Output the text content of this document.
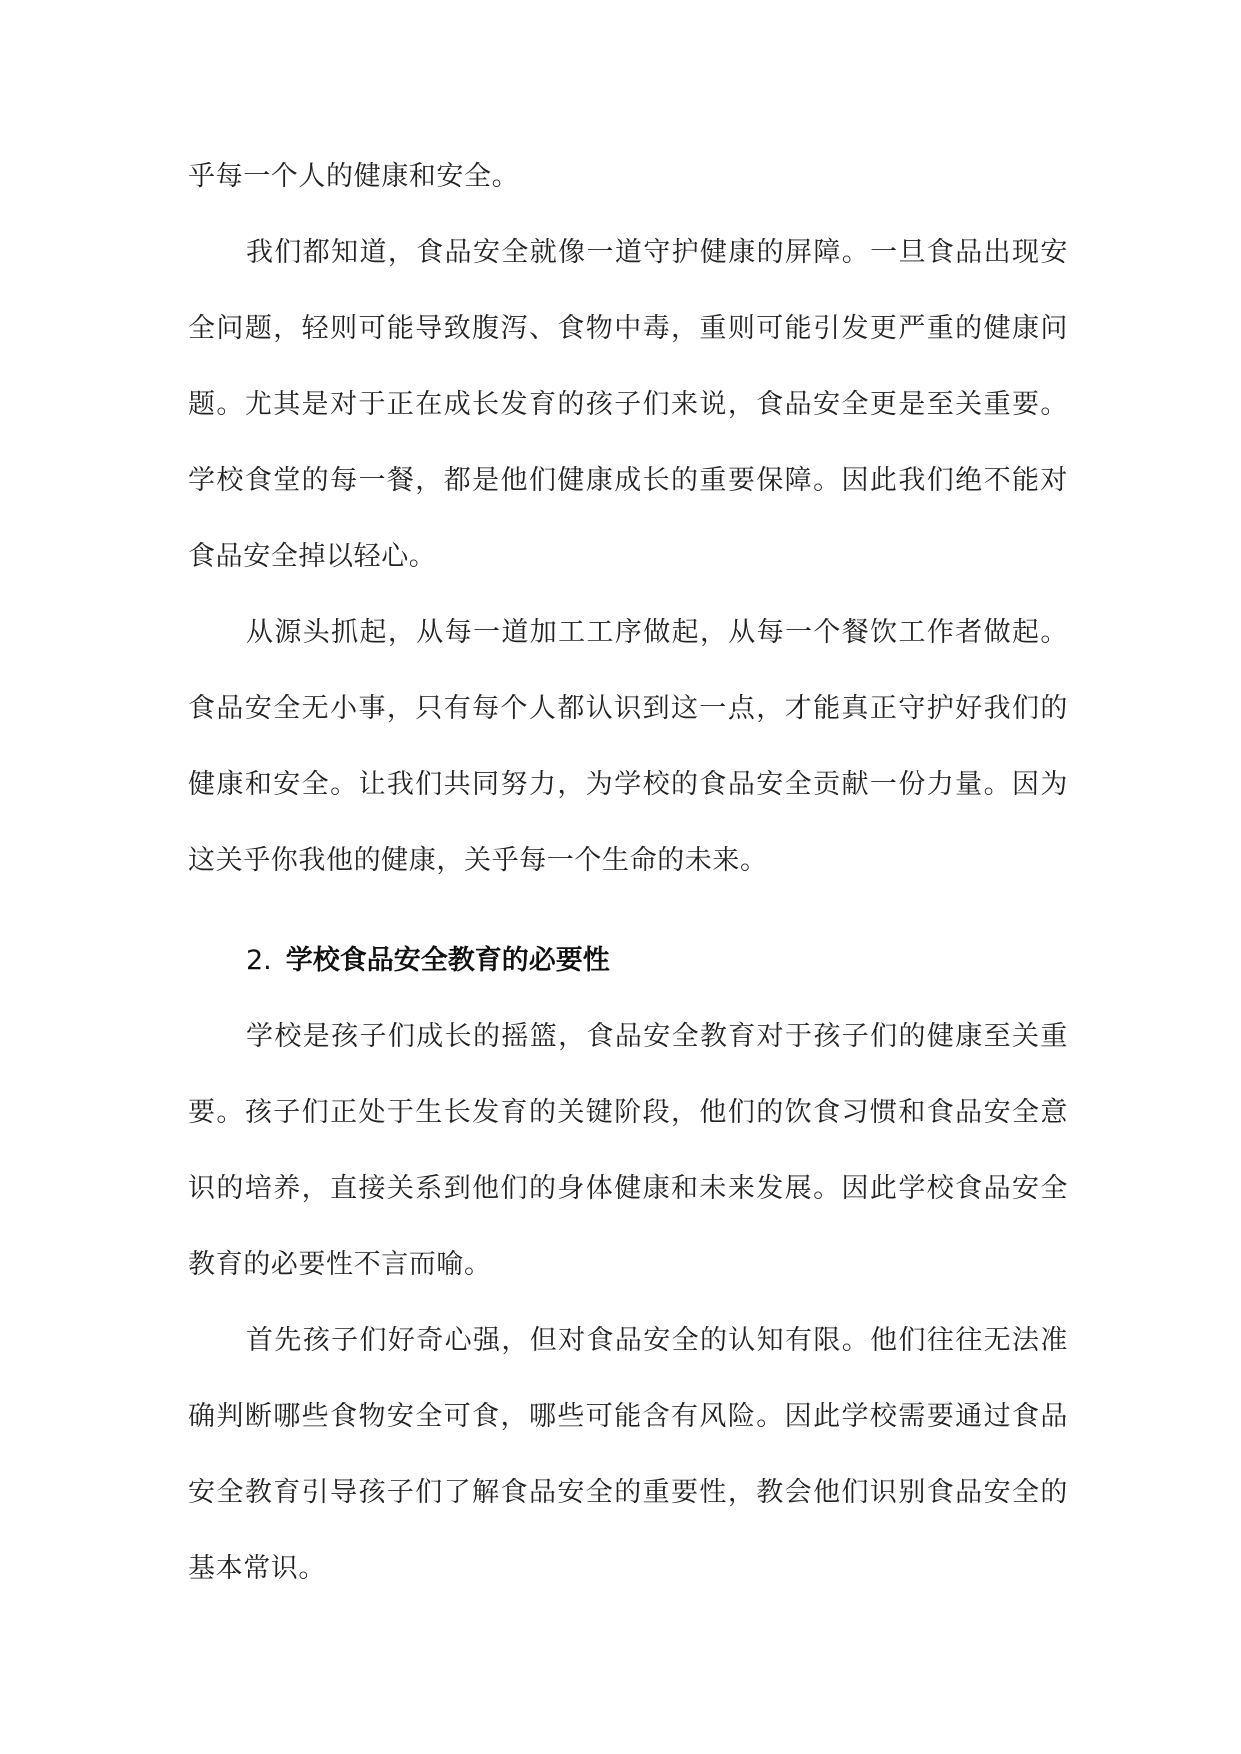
乎每一个人的健康和安全。

我们都知道，食品安全就像一道守护健康的屏障。一旦食品出现安全问题，轻则可能导致腹泻、食物中毒，重则可能引发更严重的健康问题。尤其是对于正在成长发育的孩子们来说，食品安全更是至关重要。学校食堂的每一餐，都是他们健康成长的重要保障。因此我们绝不能对食品安全掉以轻心。

从源头抓起，从每一道加工工序做起，从每一个餐饮工作者做起。食品安全无小事，只有每个人都认识到这一点，才能真正守护好我们的健康和安全。让我们共同努力，为学校的食品安全贡献一份力量。因为这关乎你我他的健康，关乎每一个生命的未来。

2. 学校食品安全教育的必要性

学校是孩子们成长的摇篮，食品安全教育对于孩子们的健康至关重要。孩子们正处于生长发育的关键阶段，他们的饮食习惯和食品安全意识的培养，直接关系到他们的身体健康和未来发展。因此学校食品安全教育的必要性不言而喻。

首先孩子们好奇心强，但对食品安全的认知有限。他们往往无法准确判断哪些食物安全可食，哪些可能含有风险。因此学校需要通过食品安全教育引导孩子们了解食品安全的重要性，教会他们识别食品安全的基本常识。
